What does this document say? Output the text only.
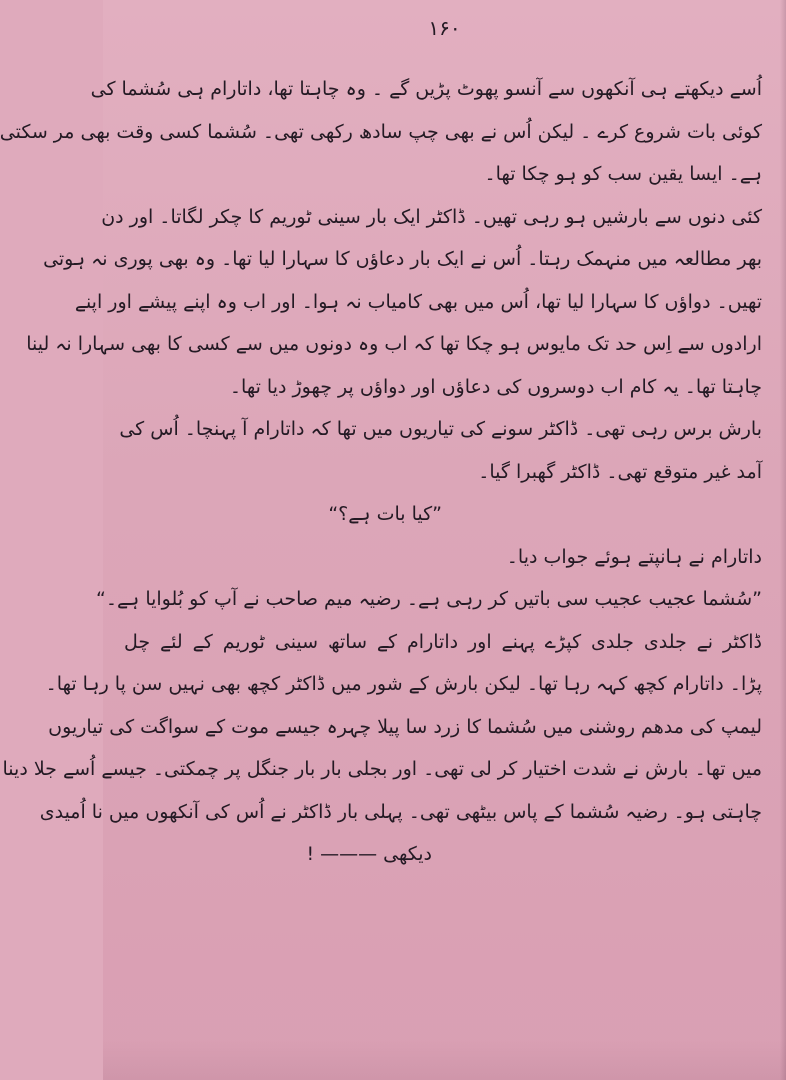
۱۶۰
اُسے دیکھتے ہی آنکھوں سے آنسو پھوٹ پڑیں گے ۔ وہ چاہتا تھا، داتارام ہی سُشما کی
کوئی بات شروع کرے ۔ لیکن اُس نے بھی چپ سادھ رکھی تھی۔ سُشما کسی وقت بھی مر سکتی
ہے۔ ایسا یقین سب کو ہو چکا تھا۔
کئی دنوں سے بارشیں ہو رہی تھیں۔ ڈاکٹر ایک بار سینی ٹوریم کا چکر لگاتا۔ اور دن
بھر مطالعہ میں منہمک رہتا۔ اُس نے ایک بار دعاؤں کا سہارا لیا تھا۔ وہ بھی پوری نہ ہوتی
تھیں۔ دواؤں کا سہارا لیا تھا، اُس میں بھی کامیاب نہ ہوا۔ اور اب وہ اپنے پیشے اور اپنے
ارادوں سے اِس حد تک مایوس ہو چکا تھا کہ اب وہ دونوں میں سے کسی کا بھی سہارا نہ لینا
چاہتا تھا۔ یہ کام اب دوسروں کی دعاؤں اور دواؤں پر چھوڑ دیا تھا۔
بارش برس رہی تھی۔ ڈاکٹر سونے کی تیاریوں میں تھا کہ داتارام آ پہنچا۔ اُس کی
آمد غیر متوقع تھی۔ ڈاکٹر گھبرا گیا۔
”کیا بات ہے؟“
داتارام نے ہانپتے ہوئے جواب دیا۔
”سُشما عجیب عجیب سی باتیں کر رہی ہے۔ رضیہ میم صاحب نے آپ کو بُلوایا ہے۔“
ڈاکٹر نے جلدی جلدی کپڑے پہنے اور داتارام کے ساتھ سینی ٹوریم کے لئے چل
پڑا۔ داتارام کچھ کہہ رہا تھا۔ لیکن بارش کے شور میں ڈاکٹر کچھ بھی نہیں سن پا رہا تھا۔
لیمپ کی مدھم روشنی میں سُشما کا زرد سا پیلا چہرہ جیسے موت کے سواگت کی تیاریوں
میں تھا۔ بارش نے شدت اختیار کر لی تھی۔ اور بجلی بار بار جنگل پر چمکتی۔ جیسے اُسے جلا دینا
چاہتی ہو۔ رضیہ سُشما کے پاس بیٹھی تھی۔ پہلی بار ڈاکٹر نے اُس کی آنکھوں میں نا اُمیدی
دیکھی ——— !
